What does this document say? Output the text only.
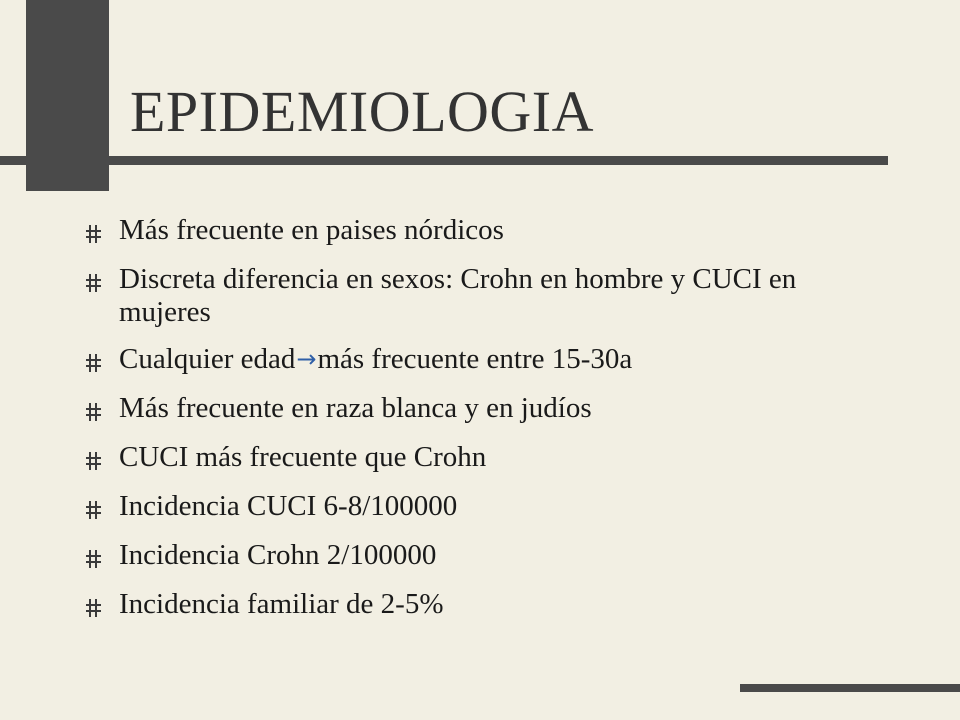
EPIDEMIOLOGIA
Más frecuente en paises nórdicos
Discreta diferencia en sexos: Crohn en hombre y CUCI en mujeres
Cualquier edad→más frecuente entre 15-30a
Más frecuente en raza blanca y en judíos
CUCI más frecuente que Crohn
Incidencia CUCI 6-8/100000
Incidencia Crohn 2/100000
Incidencia familiar de 2-5%
